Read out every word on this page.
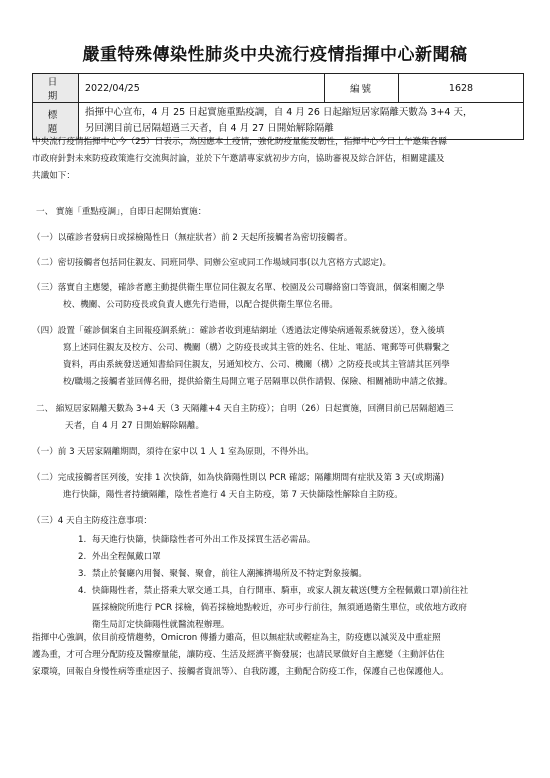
嚴重特殊傳染性肺炎中央流行疫情指揮中心新聞稿
日 期	2022/04/25	編號	1628
標 題	指揮中心宣布，4 月 25 日起實施重點疫調，自 4 月 26 日起縮短居家隔離天數為 3+4 天，
另回溯目前已居隔超過三天者，自 4 月 27 日開始解除隔離		
中央流行疫情指揮中心今（25）日表示，為因應本土疫情，強化防疫量能及韌性，指揮中心今日上午邀集各縣
市政府針對未來防疫政策進行交流與討論，並於下午邀請專家就初步方向，協助審視及綜合評估，相關建議及
共識如下：
一、 實施「重點疫調」，自即日起開始實施：
（一）以確診者發病日或採檢陽性日（無症狀者）前 2 天起所接觸者為密切接觸者。
（二）密切接觸者包括同住親友、同班同學、同辦公室或同工作場域同事(以九宮格方式認定)。
（三）落實自主應變，確診者應主動提供衛生單位同住親友名單、校園及公司聯絡窗口等資訊，個案相關之學
校、機關、公司防疫長或負責人應先行造冊，以配合提供衛生單位名冊。
（四）設置「確診個案自主回報疫調系統」：確診者收到連結網址（透過法定傳染病通報系統發送），登入後填
寫上述同住親友及校方、公司、機關（構）之防疫長或其主管的姓名、住址、電話、電郵等可供聯繫之
資料，再由系統發送通知書給同住親友，另通知校方、公司、機關（構）之防疫長或其主管請其匡列學
校/職場之接觸者並回傳名冊，提供給衛生局開立電子居隔單以供作請假、保險、相關補助申請之依據。
二、 縮短居家隔離天數為 3+4 天（3 天隔離+4 天自主防疫）；自明（26）日起實施，回溯目前已居隔超過三
天者，自 4 月 27 日開始解除隔離。
（一）前 3 天居家隔離期間，須待在家中以 1 人 1 室為原則，不得外出。
（二）完成接觸者匡列後，安排 1 次快篩，如為快篩陽性則以 PCR 確認；隔離期間有症狀及第 3 天(或期滿)
進行快篩，陽性者持續隔離，陰性者進行 4 天自主防疫，第 7 天快篩陰性解除自主防疫。
（三）4 天自主防疫注意事項：
1. 每天進行快篩，快篩陰性者可外出工作及採買生活必需品。
2. 外出全程佩戴口罩
3. 禁止於餐廳內用餐、聚餐、聚會，前往人潮擁擠場所及不特定對象接觸。
4. 快篩陽性者，禁止搭乘大眾交通工具，自行開車、騎車，或家人親友載送(雙方全程佩戴口罩)前往社
區採檢院所進行 PCR 採檢，倘若採檢地點較近，亦可步行前往，無須通過衛生單位，或依地方政府
衛生局訂定快篩陽性就醫流程辦理。
指揮中心強調，依目前疫情趨勢，Omicron 傳播力雖高，但以無症狀或輕症為主，防疫應以減災及中重症照
護為重，才可合理分配防疫及醫療量能，讓防疫、生活及經濟平衡發展；也請民眾做好自主應變（主動評估住
家環境，回報自身慢性病等重症因子、接觸者資訊等）、自我防護，主動配合防疫工作，保護自己也保護他人。
